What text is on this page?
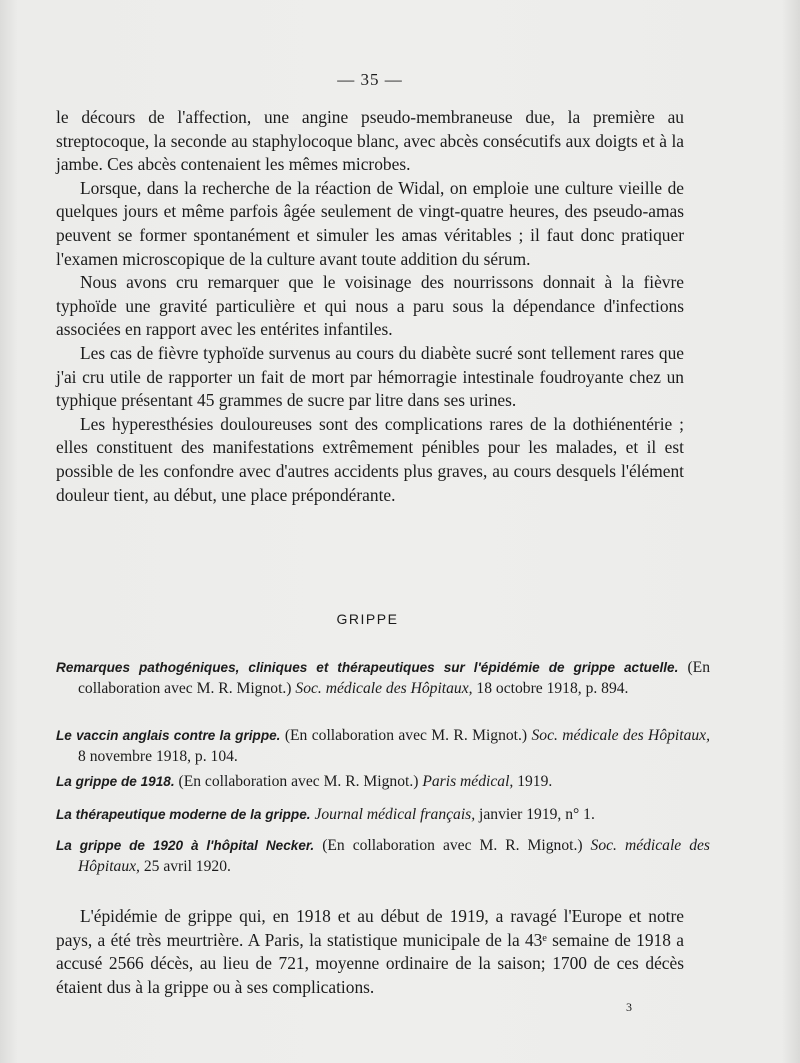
— 35 —

le décours de l'affection, une angine pseudo-membraneuse due, la première au streptocoque, la seconde au staphylocoque blanc, avec abcès consécutifs aux doigts et à la jambe. Ces abcès contenaient les mêmes microbes.

Lorsque, dans la recherche de la réaction de Widal, on emploie une culture vieille de quelques jours et même parfois âgée seulement de vingt-quatre heures, des pseudo-amas peuvent se former spontanément et simuler les amas véritables ; il faut donc pratiquer l'examen microscopique de la culture avant toute addition du sérum.

Nous avons cru remarquer que le voisinage des nourrissons donnait à la fièvre typhoïde une gravité particulière et qui nous a paru sous la dépendance d'infections associées en rapport avec les entérites infantiles.

Les cas de fièvre typhoïde survenus au cours du diabète sucré sont tellement rares que j'ai cru utile de rapporter un fait de mort par hémorragie intestinale foudroyante chez un typhique présentant 45 grammes de sucre par litre dans ses urines.

Les hyperesthésies douloureuses sont des complications rares de la dothiénentérie ; elles constituent des manifestations extrêmement pénibles pour les malades, et il est possible de les confondre avec d'autres accidents plus graves, au cours desquels l'élément douleur tient, au début, une place prépondérante.

GRIPPE

Remarques pathogéniques, cliniques et thérapeutiques sur l'épidémie de grippe actuelle. (En collaboration avec M. R. Mignot.) Soc. médicale des Hôpitaux, 18 octobre 1918, p. 894.

Le vaccin anglais contre la grippe. (En collaboration avec M. R. Mignot.) Soc. médicale des Hôpitaux, 8 novembre 1918, p. 104.

La grippe de 1918. (En collaboration avec M. R. Mignot.) Paris médical, 1919.

La thérapeutique moderne de la grippe. Journal médical français, janvier 1919, n° 1.

La grippe de 1920 à l'hôpital Necker. (En collaboration avec M. R. Mignot.) Soc. médicale des Hôpitaux, 25 avril 1920.

L'épidémie de grippe qui, en 1918 et au début de 1919, a ravagé l'Europe et notre pays, a été très meurtrière. A Paris, la statistique municipale de la 43ᵉ semaine de 1918 a accusé 2566 décès, au lieu de 721, moyenne ordinaire de la saison; 1700 de ces décès étaient dus à la grippe ou à ses complications.

3
